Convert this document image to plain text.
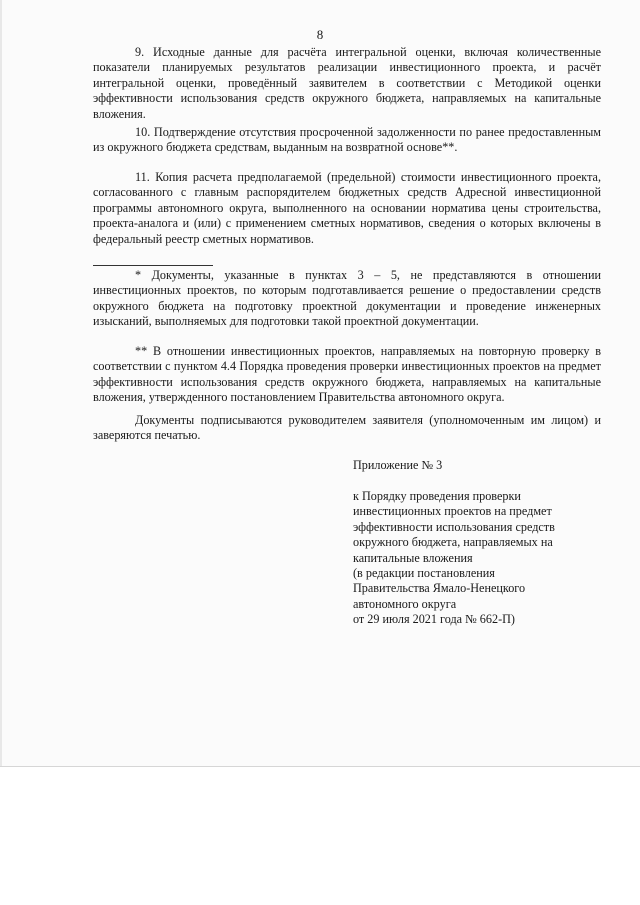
8

9. Исходные данные для расчёта интегральной оценки, включая количественные показатели планируемых результатов реализации инвестиционного проекта, и расчёт интегральной оценки, проведённый заявителем в соответствии с Методикой оценки эффективности использования средств окружного бюджета, направляемых на капитальные вложения.

10. Подтверждение отсутствия просроченной задолженности по ранее предоставленным из окружного бюджета средствам, выданным на возвратной основе**.

11. Копия расчета предполагаемой (предельной) стоимости инвестиционного проекта, согласованного с главным распорядителем бюджетных средств Адресной инвестиционной программы автономного округа, выполненного на основании норматива цены строительства, проекта-аналога и (или) с применением сметных нормативов, сведения о которых включены в федеральный реестр сметных нормативов.

* Документы, указанные в пунктах 3 – 5, не представляются в отношении инвестиционных проектов, по которым подготавливается решение о предоставлении средств окружного бюджета на подготовку проектной документации и проведение инженерных изысканий, выполняемых для подготовки такой проектной документации.

** В отношении инвестиционных проектов, направляемых на повторную проверку в соответствии с пунктом 4.4 Порядка проведения проверки инвестиционных проектов на предмет эффективности использования средств окружного бюджета, направляемых на капитальные вложения, утвержденного постановлением Правительства автономного округа.

Документы подписываются руководителем заявителя (уполномоченным им лицом) и заверяются печатью.

Приложение № 3

к Порядку проведения проверки
инвестиционных проектов на предмет
эффективности использования средств
окружного бюджета, направляемых на
капитальные вложения
(в редакции постановления
Правительства Ямало-Ненецкого
автономного округа
от 29 июля 2021 года № 662-П)
